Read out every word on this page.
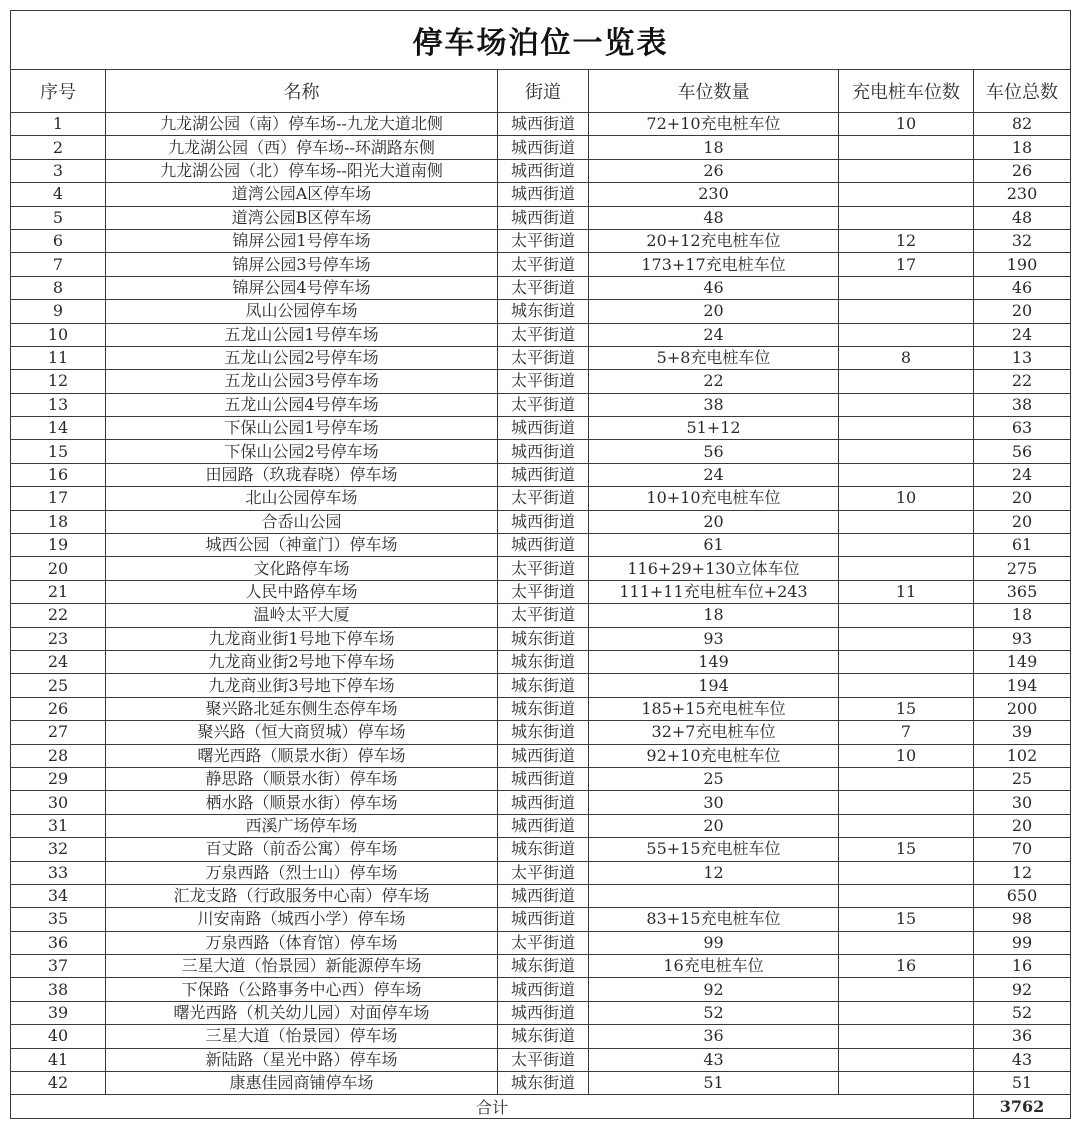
停车场泊位一览表					
序号	名称	街道	车位数量	充电桩车位数	车位总数
1	九龙湖公园（南）停车场--九龙大道北侧	城西街道	72+10充电桩车位	10	82
2	九龙湖公园（西）停车场--环湖路东侧	城西街道	18		18
3	九龙湖公园（北）停车场--阳光大道南侧	城西街道	26		26
4	道湾公园A区停车场	城西街道	230		230
5	道湾公园B区停车场	城西街道	48		48
6	锦屏公园1号停车场	太平街道	20+12充电桩车位	12	32
7	锦屏公园3号停车场	太平街道	173+17充电桩车位	17	190
8	锦屏公园4号停车场	太平街道	46		46
9	凤山公园停车场	城东街道	20		20
10	五龙山公园1号停车场	太平街道	24		24
11	五龙山公园2号停车场	太平街道	5+8充电桩车位	8	13
12	五龙山公园3号停车场	太平街道	22		22
13	五龙山公园4号停车场	太平街道	38		38
14	下保山公园1号停车场	城西街道	51+12		63
15	下保山公园2号停车场	城西街道	56		56
16	田园路（玖珑春晓）停车场	城西街道	24		24
17	北山公园停车场	太平街道	10+10充电桩车位	10	20
18	合岙山公园	城西街道	20		20
19	城西公园（神童门）停车场	城西街道	61		61
20	文化路停车场	太平街道	116+29+130立体车位		275
21	人民中路停车场	太平街道	111+11充电桩车位+243	11	365
22	温岭太平大厦	太平街道	18		18
23	九龙商业街1号地下停车场	城东街道	93		93
24	九龙商业街2号地下停车场	城东街道	149		149
25	九龙商业街3号地下停车场	城东街道	194		194
26	聚兴路北延东侧生态停车场	城东街道	185+15充电桩车位	15	200
27	聚兴路（恒大商贸城）停车场	城东街道	32+7充电桩车位	7	39
28	曙光西路（顺景水街）停车场	城西街道	92+10充电桩车位	10	102
29	静思路（顺景水街）停车场	城西街道	25		25
30	栖水路（顺景水街）停车场	城西街道	30		30
31	西溪广场停车场	城西街道	20		20
32	百丈路（前岙公寓）停车场	城东街道	55+15充电桩车位	15	70
33	万泉西路（烈士山）停车场	太平街道	12		12
34	汇龙支路（行政服务中心南）停车场	城西街道			650
35	川安南路（城西小学）停车场	城西街道	83+15充电桩车位	15	98
36	万泉西路（体育馆）停车场	太平街道	99		99
37	三星大道（怡景园）新能源停车场	城东街道	16充电桩车位	16	16
38	下保路（公路事务中心西）停车场	城西街道	92		92
39	曙光西路（机关幼儿园）对面停车场	城西街道	52		52
40	三星大道（怡景园）停车场	城东街道	36		36
41	新陆路（星光中路）停车场	太平街道	43		43
42	康惠佳园商铺停车场	城东街道	51		51
合计					3762
